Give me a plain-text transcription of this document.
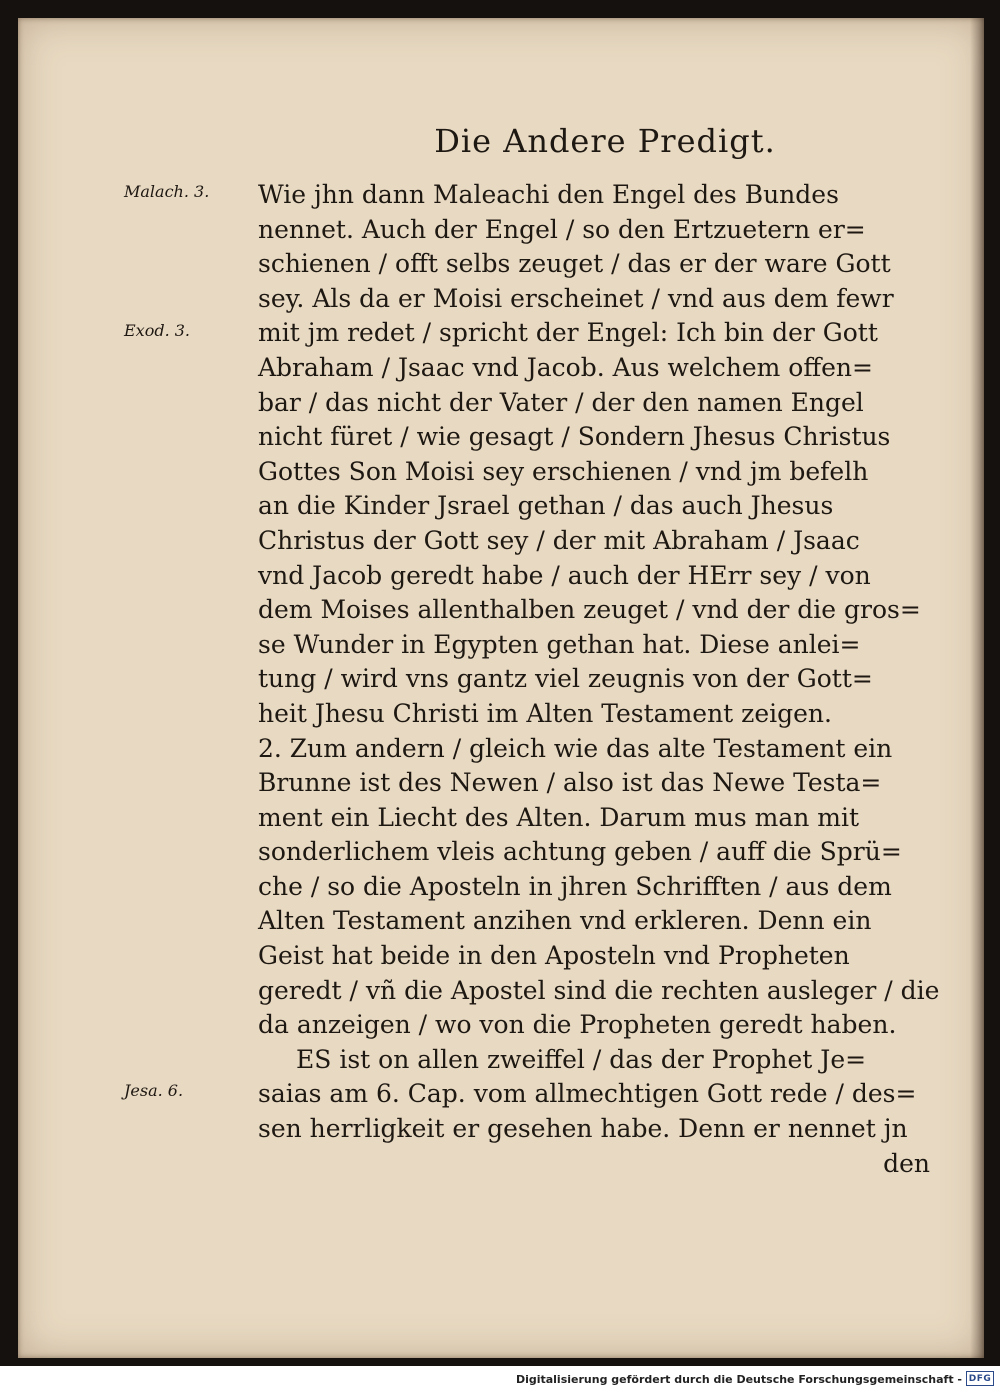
Die Andere Predigt.
Malach. 3.
Exod. 3.
Jesa. 6.
Wie jhn dann Maleachi den Engel des Bundes
nennet. Auch der Engel / so den Ertzuetern er=
schienen / offt selbs zeuget / das er der ware Gott
sey. Als da er Moisi erscheinet / vnd aus dem fewr
mit jm redet / spricht der Engel: Ich bin der Gott
Abraham / Jsaac vnd Jacob. Aus welchem offen=
bar / das nicht der Vater / der den namen Engel
nicht füret / wie gesagt / Sondern Jhesus Christus
Gottes Son Moisi sey erschienen / vnd jm befelh
an die Kinder Jsrael gethan / das auch Jhesus
Christus der Gott sey / der mit Abraham / Jsaac
vnd Jacob geredt habe / auch der HErr sey / von
dem Moises allenthalben zeuget / vnd der die gros=
se Wunder in Egypten gethan hat. Diese anlei=
tung / wird vns gantz viel zeugnis von der Gott=
heit Jhesu Christi im Alten Testament zeigen.
2. Zum andern / gleich wie das alte Testament ein
Brunne ist des Newen / also ist das Newe Testa=
ment ein Liecht des Alten. Darum mus man mit
sonderlichem vleis achtung geben / auff die Sprü=
che / so die Aposteln in jhren Schrifften / aus dem
Alten Testament anzihen vnd erkleren. Denn ein
Geist hat beide in den Aposteln vnd Propheten
geredt / vñ die Apostel sind die rechten ausleger / die
da anzeigen / wo von die Propheten geredt haben.
ES ist on allen zweiffel / das der Prophet Je=
saias am 6. Cap. vom allmechtigen Gott rede / des=
sen herrligkeit er gesehen habe. Denn er nennet jn
den
Digitalisierung gefördert durch die Deutsche Forschungsgemeinschaft - DFG
